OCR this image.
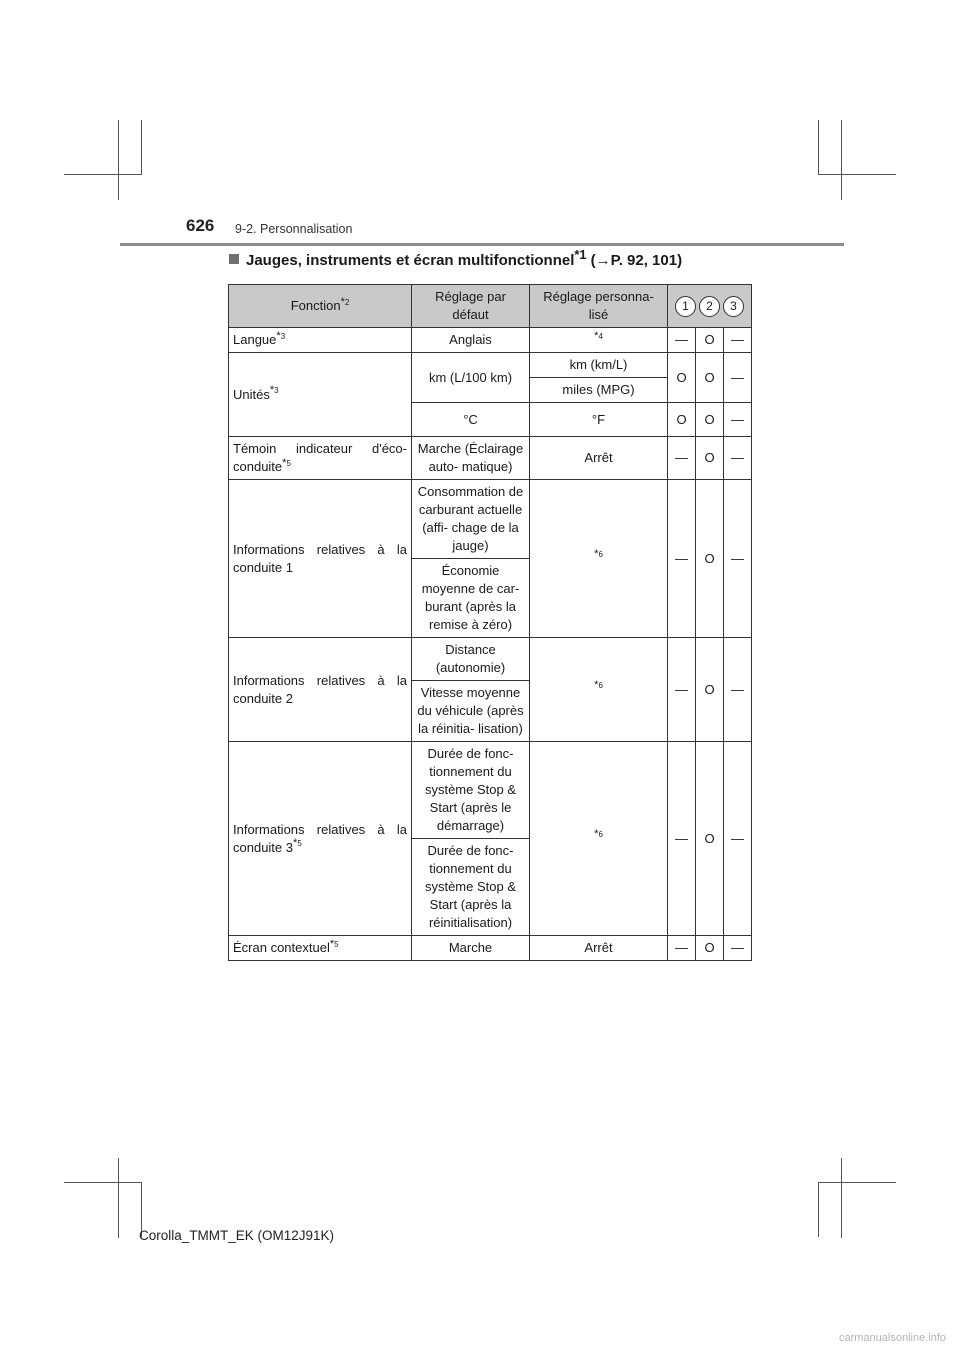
626 9-2. Personnalisation
Jauges, instruments et écran multifonctionnel$^{*1}$ (→P. 92, 101)
Fonction$^{*2}$	Réglage par défaut	Réglage personna- lisé	1 2 3		

Langue$^{*3}$	Anglais	$^{*4}$	—	O	—
Unités$^{*3}$	km (L/100 km)	km (km/L)	O	O	—
		miles (MPG)			
	°C	°F	O	O	—
Témoin indicateur d'éco-conduite$^{*5}$	Marche (Éclairage auto- matique)	Arrêt	—	O	—
Informations relatives à la conduite 1	Consommation de carburant actuelle (affi- chage de la jauge)	$^{*6}$	—	O	—
	Économie moyenne de car- burant (après la remise à zéro)				
Informations relatives à la conduite 2	Distance (autonomie)	$^{*6}$	—	O	—
	Vitesse moyenne du véhicule (après la réinitia- lisation)				
Informations relatives à la conduite 3$^{*5}$	Durée de fonc- tionnement du système Stop & Start (après le démarrage)	$^{*6}$	—	O	—
	Durée de fonc- tionnement du système Stop & Start (après la réinitialisation)				
Écran contextuel$^{*5}$	Marche	Arrêt	—	O	—
Corolla_TMMT_EK (OM12J91K)
carmanualsonline.info
